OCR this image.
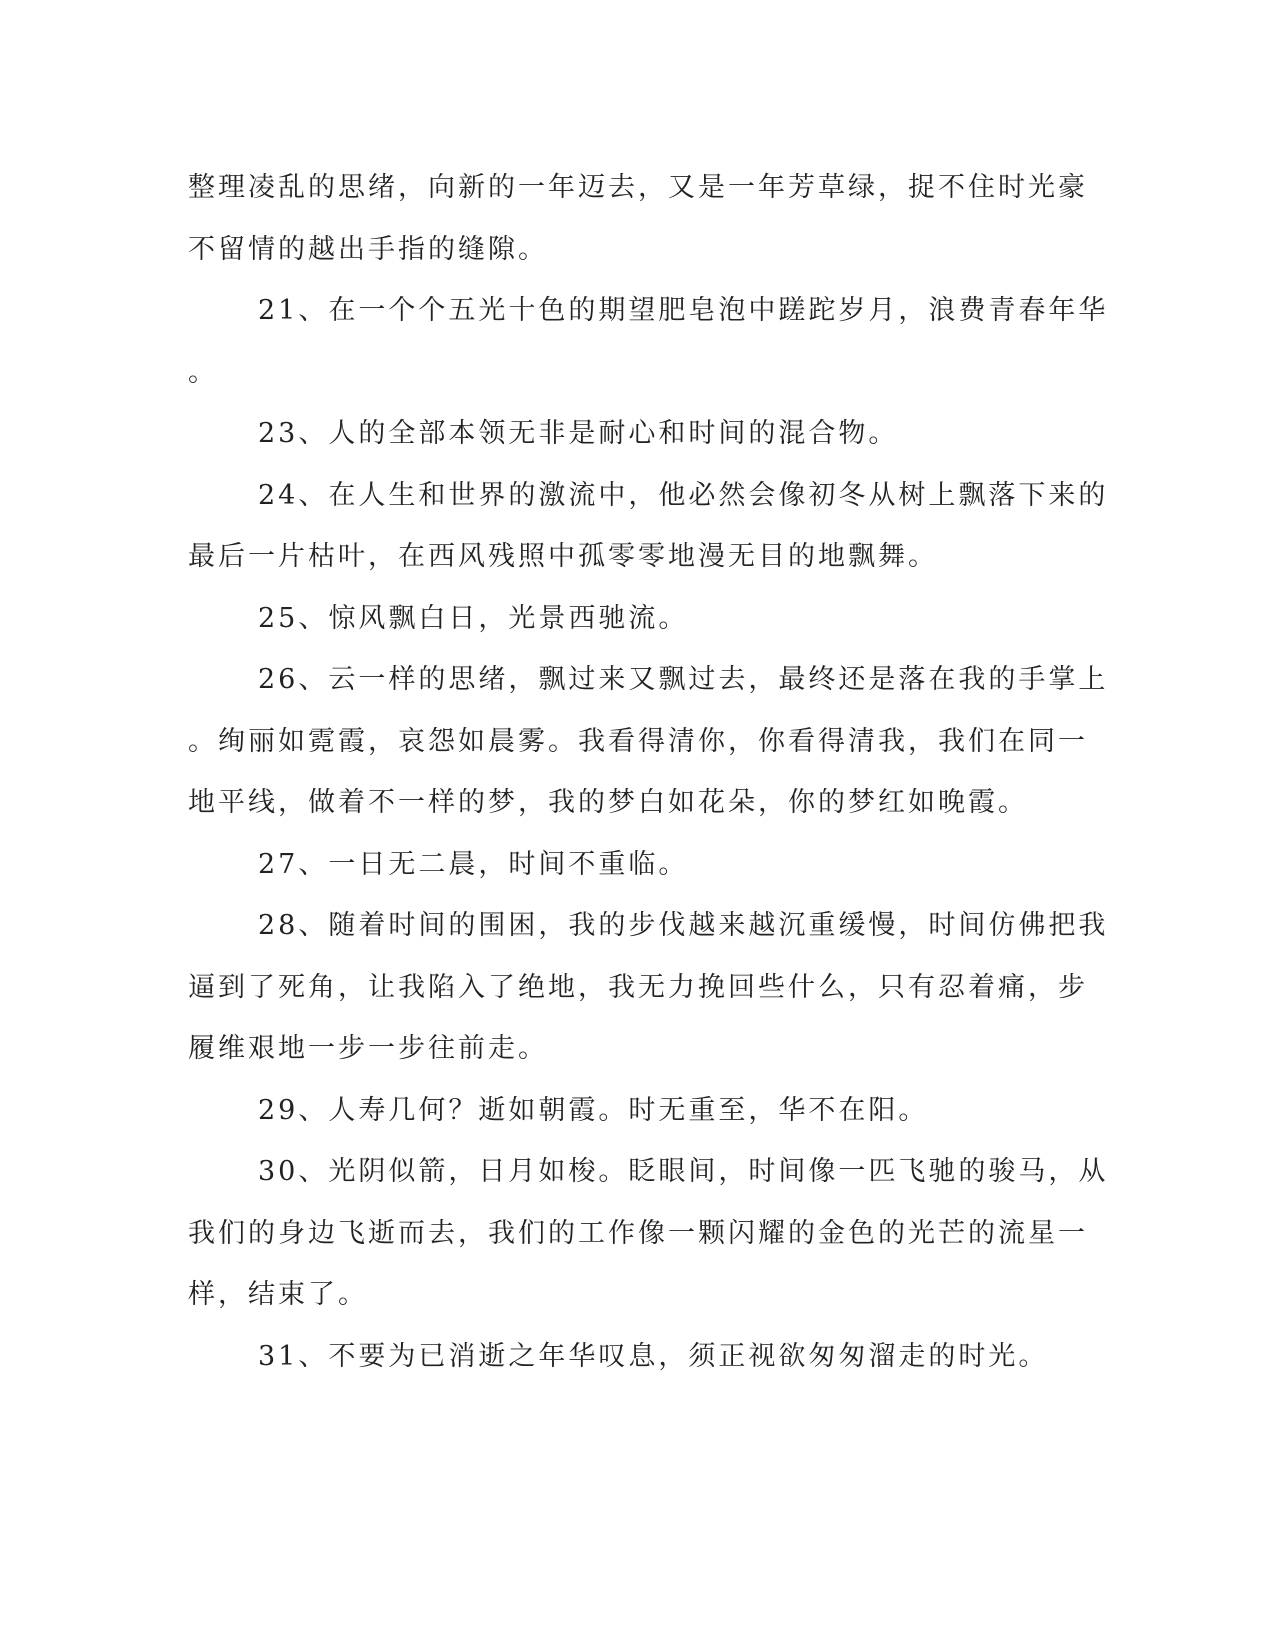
整理凌乱的思绪，向新的一年迈去，又是一年芳草绿，捉不住时光豪
不留情的越出手指的缝隙。
21、在一个个五光十色的期望肥皂泡中蹉跎岁月，浪费青春年华
。
23、人的全部本领无非是耐心和时间的混合物。
24、在人生和世界的激流中，他必然会像初冬从树上飘落下来的
最后一片枯叶，在西风残照中孤零零地漫无目的地飘舞。
25、惊风飘白日，光景西驰流。
26、云一样的思绪，飘过来又飘过去，最终还是落在我的手掌上
。绚丽如霓霞，哀怨如晨雾。我看得清你，你看得清我，我们在同一
地平线，做着不一样的梦，我的梦白如花朵，你的梦红如晚霞。
27、一日无二晨，时间不重临。
28、随着时间的围困，我的步伐越来越沉重缓慢，时间仿佛把我
逼到了死角，让我陷入了绝地，我无力挽回些什么，只有忍着痛，步
履维艰地一步一步往前走。
29、人寿几何？逝如朝霞。时无重至，华不在阳。
30、光阴似箭，日月如梭。眨眼间，时间像一匹飞驰的骏马，从
我们的身边飞逝而去，我们的工作像一颗闪耀的金色的光芒的流星一
样，结束了。
31、不要为已消逝之年华叹息，须正视欲匆匆溜走的时光。
